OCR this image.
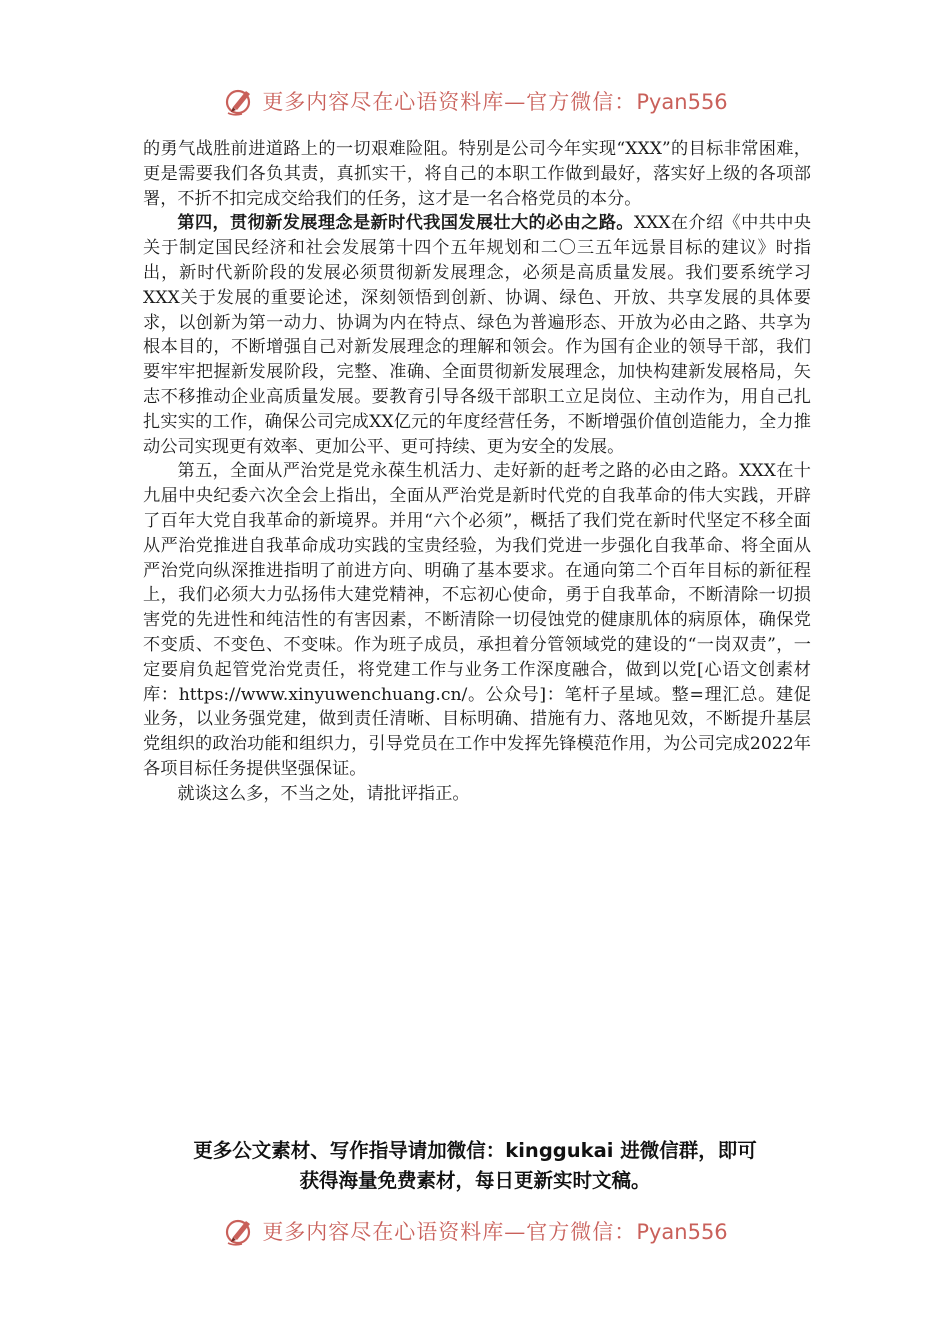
更多内容尽在心语资料库—官方微信：Pyan556

的勇气战胜前进道路上的一切艰难险阻。特别是公司今年实现“XXX”的目标非常困难，更是需要我们各负其责，真抓实干，将自己的本职工作做到最好，落实好上级的各项部署，不折不扣完成交给我们的任务，这才是一名合格党员的本分。

第四，贯彻新发展理念是新时代我国发展壮大的必由之路。XXX在介绍《中共中央关于制定国民经济和社会发展第十四个五年规划和二〇三五年远景目标的建议》时指出，新时代新阶段的发展必须贯彻新发展理念，必须是高质量发展。我们要系统学习XXX关于发展的重要论述，深刻领悟到创新、协调、绿色、开放、共享发展的具体要求，以创新为第一动力、协调为内在特点、绿色为普遍形态、开放为必由之路、共享为根本目的，不断增强自己对新发展理念的理解和领会。作为国有企业的领导干部，我们要牢牢把握新发展阶段，完整、准确、全面贯彻新发展理念，加快构建新发展格局，矢志不移推动企业高质量发展。要教育引导各级干部职工立足岗位、主动作为，用自己扎扎实实的工作，确保公司完成XX亿元的年度经营任务，不断增强价值创造能力，全力推动公司实现更有效率、更加公平、更可持续、更为安全的发展。

第五，全面从严治党是党永葆生机活力、走好新的赶考之路的必由之路。XXX在十九届中央纪委六次全会上指出，全面从严治党是新时代党的自我革命的伟大实践，开辟了百年大党自我革命的新境界。并用“六个必须”，概括了我们党在新时代坚定不移全面从严治党推进自我革命成功实践的宝贵经验，为我们党进一步强化自我革命、将全面从严治党向纵深推进指明了前进方向、明确了基本要求。在通向第二个百年目标的新征程上，我们必须大力弘扬伟大建党精神，不忘初心使命，勇于自我革命，不断清除一切损害党的先进性和纯洁性的有害因素，不断清除一切侵蚀党的健康肌体的病原体，确保党不变质、不变色、不变味。作为班子成员，承担着分管领域党的建设的“一岗双责”，一定要肩负起管党治党责任，将党建工作与业务工作深度融合，做到以党[心语文创素材库：https://www.xinyuwenchuang.cn/。公众号]：笔杆子星域。整=理汇总。建促业务，以业务强党建，做到责任清晰、目标明确、措施有力、落地见效，不断提升基层党组织的政治功能和组织力，引导党员在工作中发挥先锋模范作用，为公司完成2022年各项目标任务提供坚强保证。

就谈这么多，不当之处，请批评指正。

更多公文素材、写作指导请加微信：kinggukai 进微信群，即可
获得海量免费素材，每日更新实时文稿。
更多内容尽在心语资料库—官方微信：Pyan556
